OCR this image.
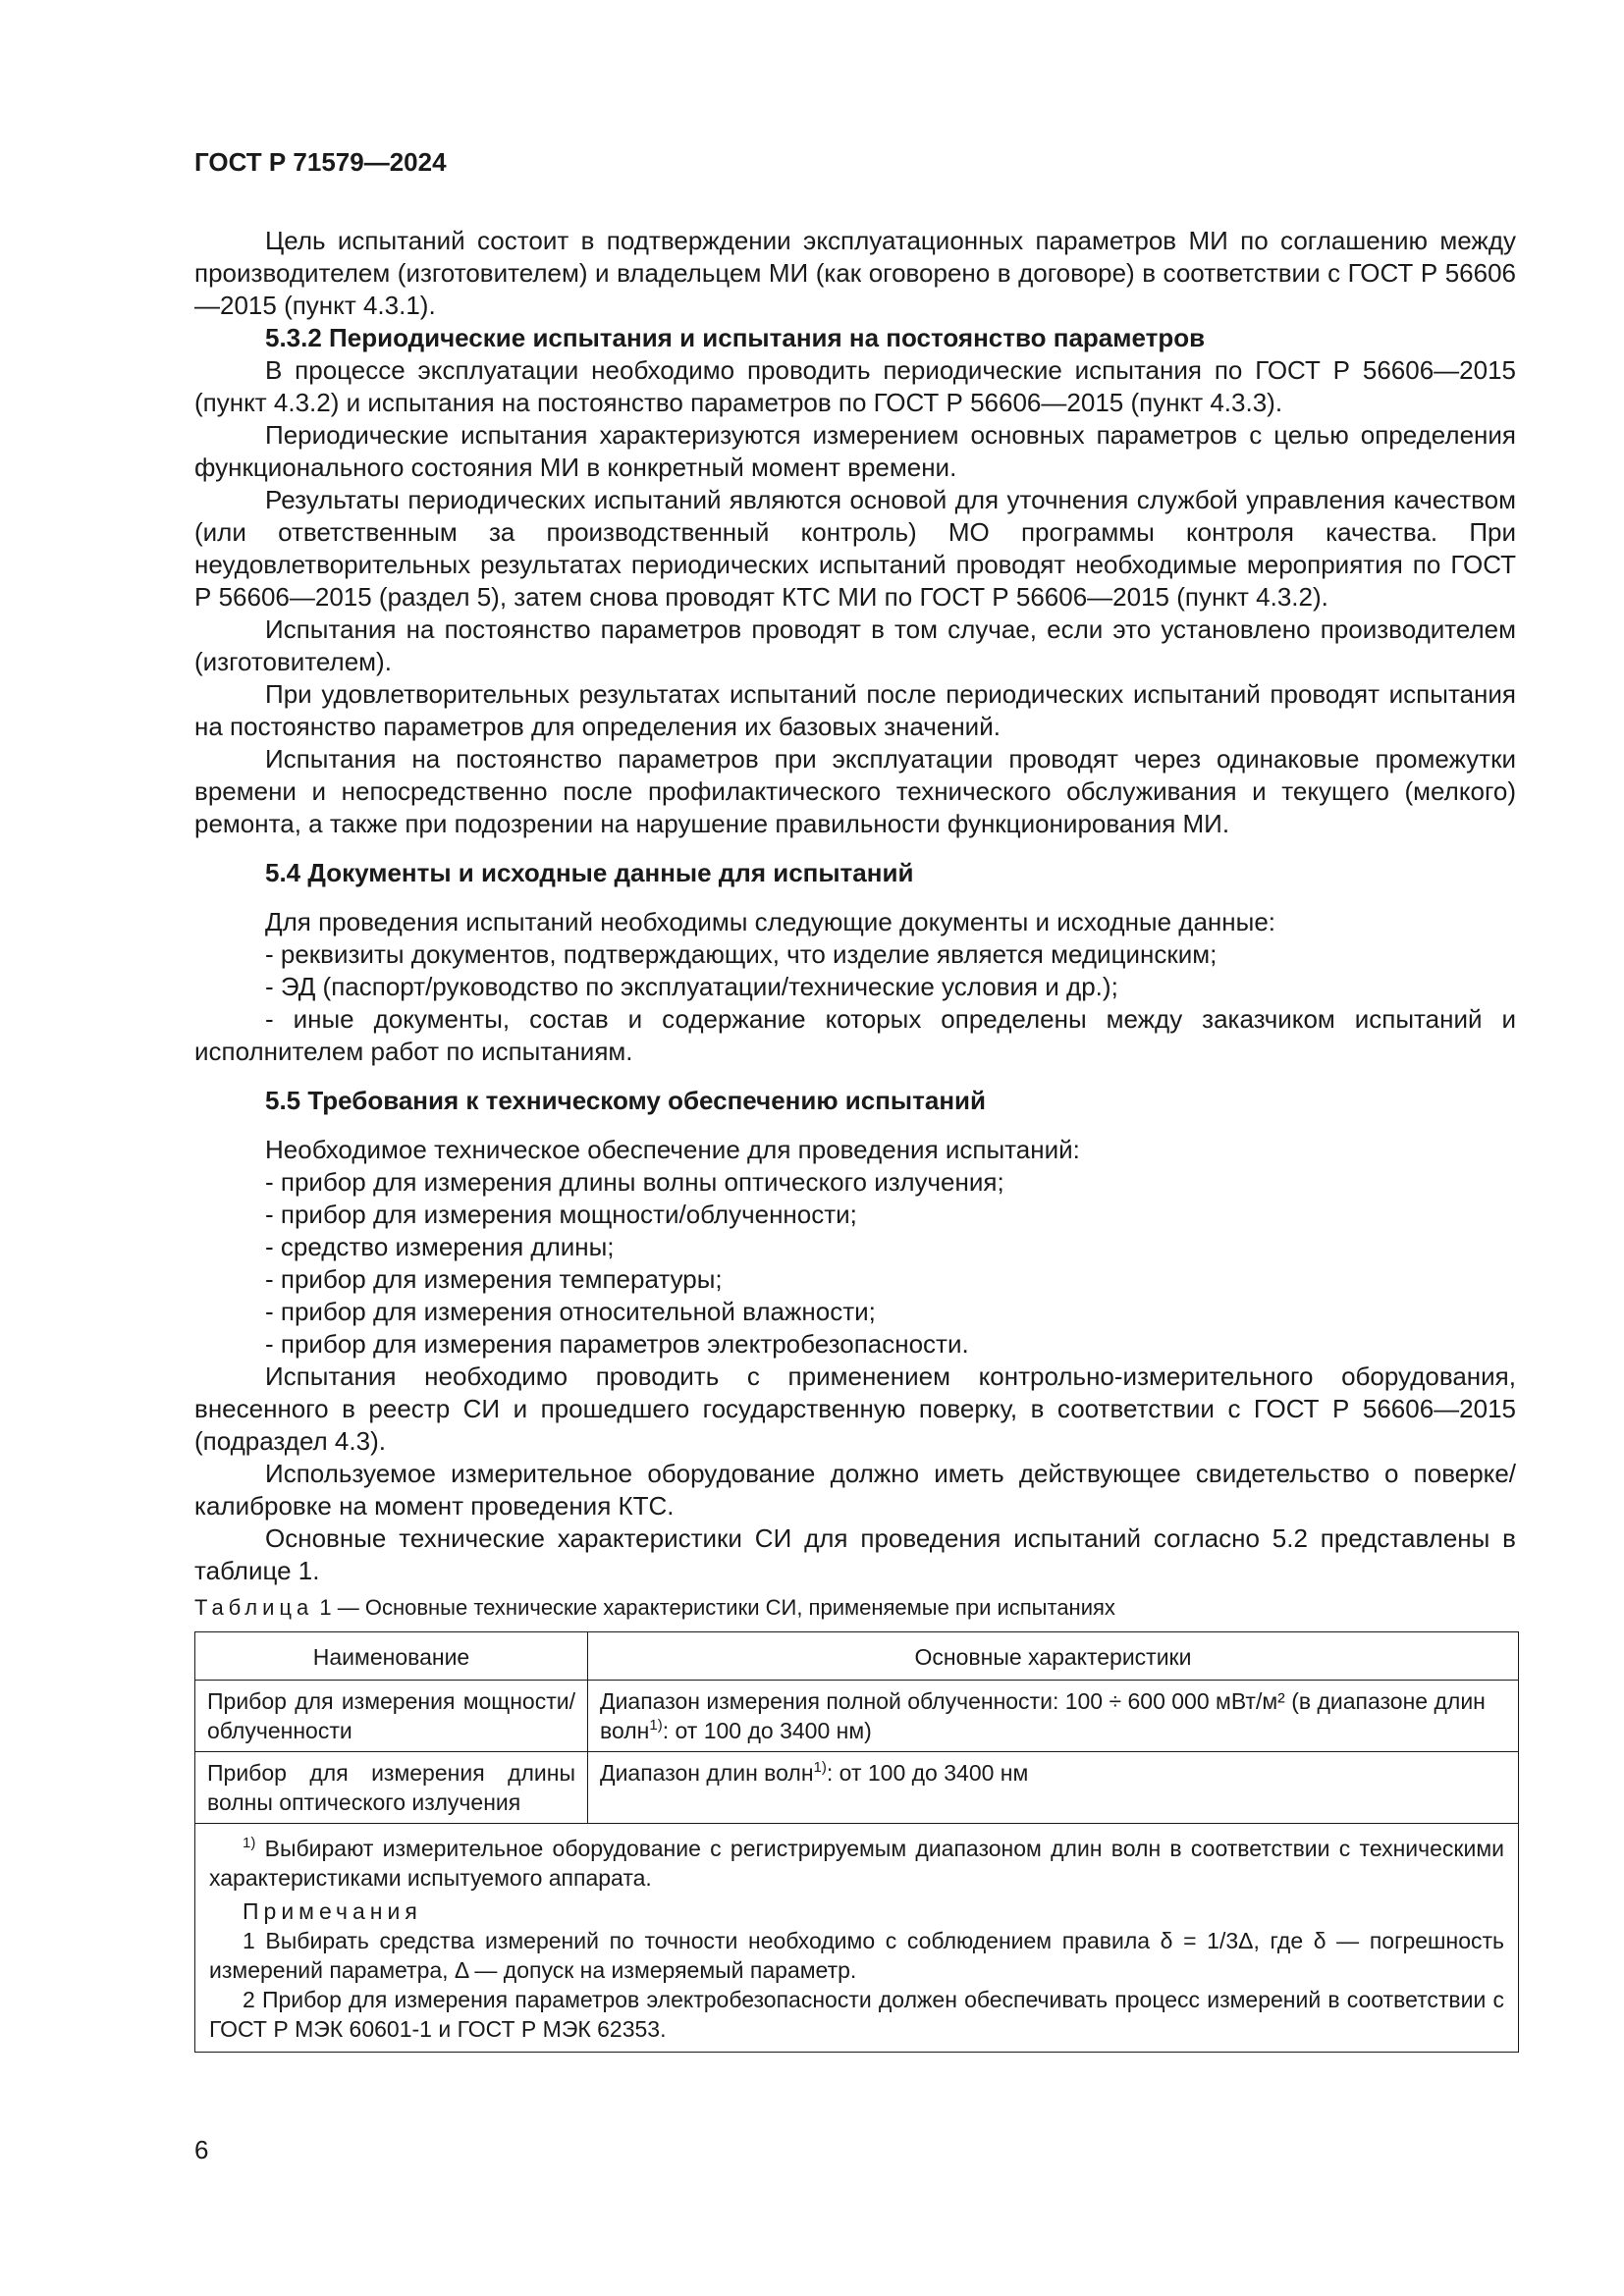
ГОСТ Р 71579—2024

Цель испытаний состоит в подтверждении эксплуатационных параметров МИ по соглашению между производителем (изготовителем) и владельцем МИ (как оговорено в договоре) в соответствии с ГОСТ Р 56606—2015 (пункт 4.3.1).

5.3.2 Периодические испытания и испытания на постоянство параметров

В процессе эксплуатации необходимо проводить периодические испытания по ГОСТ Р 56606—2015 (пункт 4.3.2) и испытания на постоянство параметров по ГОСТ Р 56606—2015 (пункт 4.3.3).

Периодические испытания характеризуются измерением основных параметров с целью определения функционального состояния МИ в конкретный момент времени.

Результаты периодических испытаний являются основой для уточнения службой управления качеством (или ответственным за производственный контроль) МО программы контроля качества. При неудовлетворительных результатах периодических испытаний проводят необходимые мероприятия по ГОСТ Р 56606—2015 (раздел 5), затем снова проводят КТС МИ по ГОСТ Р 56606—2015 (пункт 4.3.2).

Испытания на постоянство параметров проводят в том случае, если это установлено производителем (изготовителем).

При удовлетворительных результатах испытаний после периодических испытаний проводят испытания на постоянство параметров для определения их базовых значений.

Испытания на постоянство параметров при эксплуатации проводят через одинаковые промежутки времени и непосредственно после профилактического технического обслуживания и текущего (мелкого) ремонта, а также при подозрении на нарушение правильности функционирования МИ.

5.4 Документы и исходные данные для испытаний

Для проведения испытаний необходимы следующие документы и исходные данные:

- реквизиты документов, подтверждающих, что изделие является медицинским;
- ЭД (паспорт/руководство по эксплуатации/технические условия и др.);

- иные документы, состав и содержание которых определены между заказчиком испытаний и исполнителем работ по испытаниям.

5.5 Требования к техническому обеспечению испытаний

Необходимое техническое обеспечение для проведения испытаний:

- прибор для измерения длины волны оптического излучения;
- прибор для измерения мощности/облученности;
- средство измерения длины;
- прибор для измерения температуры;
- прибор для измерения относительной влажности;
- прибор для измерения параметров электробезопасности.

Испытания необходимо проводить с применением контрольно-измерительного оборудования, внесенного в реестр СИ и прошедшего государственную поверку, в соответствии с ГОСТ Р 56606—2015 (подраздел 4.3).

Используемое измерительное оборудование должно иметь действующее свидетельство о поверке/калибровке на момент проведения КТС.

Основные технические характеристики СИ для проведения испытаний согласно 5.2 представлены в таблице 1.

Таблица 1 — Основные технические характеристики СИ, применяемые при испытаниях
Наименование	Основные характеристики
Прибор для измерения мощности/облученности	Диапазон измерения полной облученности: 100 ÷ 600 000 мВт/м² (в диапазоне длин волн$^{1)}$: от 100 до 3400 нм)
Прибор для измерения длины волны оптического излучения	Диапазон длин волн$^{1)}$: от 100 до 3400 нм

$^{1)}$ Выбирают измерительное оборудование с регистрируемым диапазоном длин волн в соответствии с техническими характеристиками испытуемого аппарата.
Примечания
1 Выбирать средства измерений по точности необходимо с соблюдением правила δ = 1/3Δ, где δ — погрешность измерений параметра, Δ — допуск на измеряемый параметр.
2 Прибор для измерения параметров электробезопасности должен обеспечивать процесс измерений в соответствии с ГОСТ Р МЭК 60601-1 и ГОСТ Р МЭК 62353.	
6
